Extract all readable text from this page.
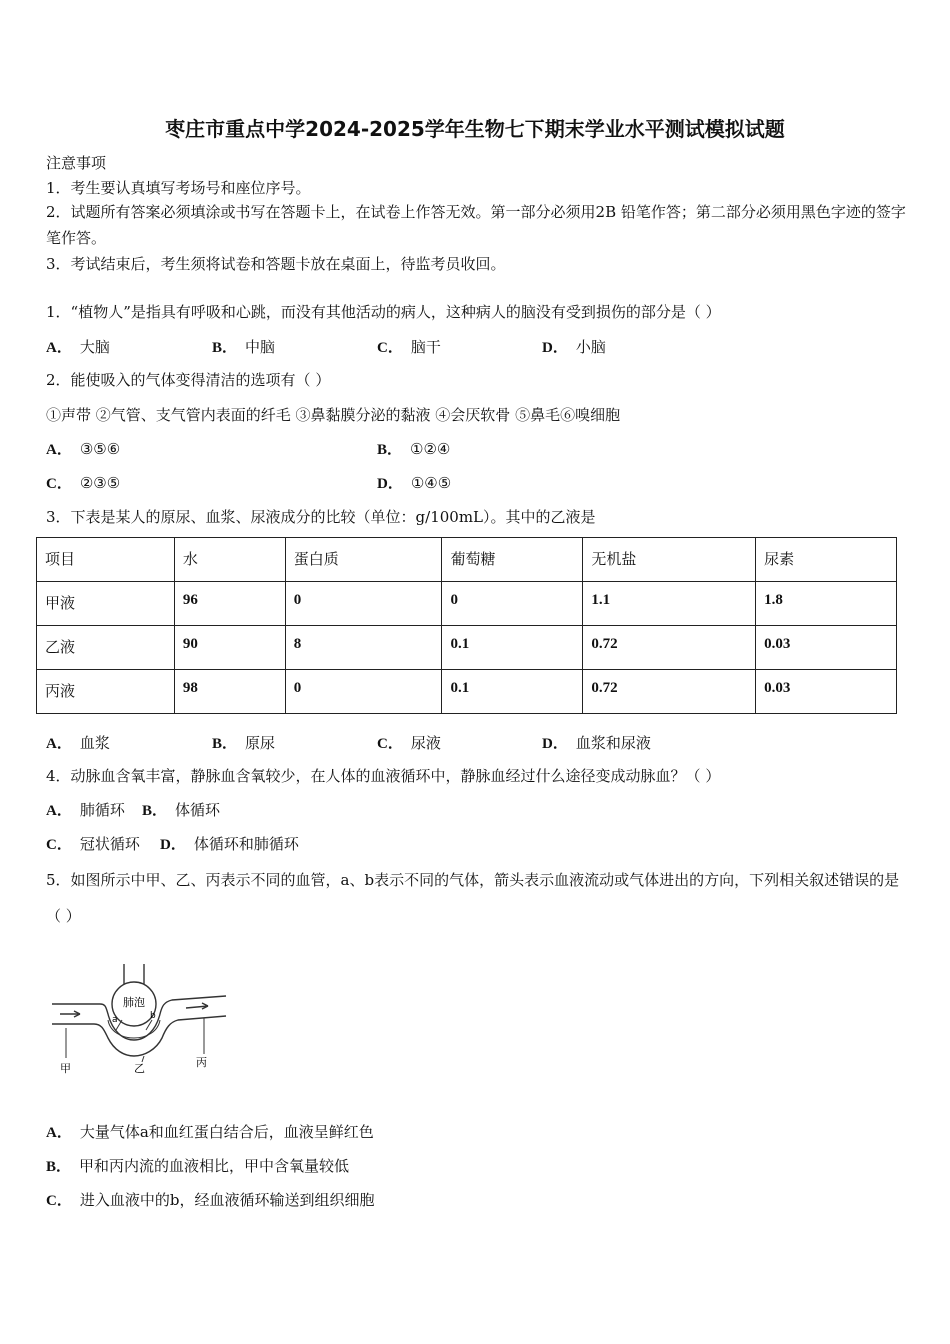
枣庄市重点中学2024-2025学年生物七下期末学业水平测试模拟试题
注意事项
1．考生要认真填写考场号和座位序号。
2．试题所有答案必须填涂或书写在答题卡上，在试卷上作答无效。第一部分必须用2B 铅笔作答；第二部分必须用黑色字迹的签字笔作答。
3．考试结束后，考生须将试卷和答题卡放在桌面上，待监考员收回。
1．“植物人”是指具有呼吸和心跳，而没有其他活动的病人，这种病人的脑没有受到损伤的部分是（ ）
A． 大脑	B． 中脑	C． 脑干	D． 小脑
2．能使吸入的气体变得清洁的选项有（ ）
①声带 ②气管、支气管内表面的纤毛 ③鼻黏膜分泌的黏液 ④会厌软骨 ⑤鼻毛⑥嗅细胞
A． ③⑤⑥	B． ①②④
C． ②③⑤	D． ①④⑤
3．下表是某人的原尿、血浆、尿液成分的比较（单位：g/100mL）。其中的乙液是
项目	水	蛋白质	葡萄糖	无机盐	尿素
甲液	96	0	0	1.1	1.8
乙液	90	8	0.1	0.72	0.03
丙液	98	0	0.1	0.72	0.03
A． 血浆	B． 原尿	C． 尿液	D． 血浆和尿液
4．动脉血含氧丰富，静脉血含氧较少，在人体的血液循环中，静脉血经过什么途径变成动脉血？（ ）
A． 肺循环 B． 体循环
C． 冠状循环 D． 体循环和肺循环
5．如图所示中甲、乙、丙表示不同的血管，a、b表示不同的气体，箭头表示血液流动或气体进出的方向，下列相关叙述错误的是（ ）
肺泡
a	b
甲	乙	丙
A． 大量气体a和血红蛋白结合后，血液呈鲜红色
B． 甲和丙内流的血液相比，甲中含氧量较低
C． 进入血液中的b，经血液循环输送到组织细胞
